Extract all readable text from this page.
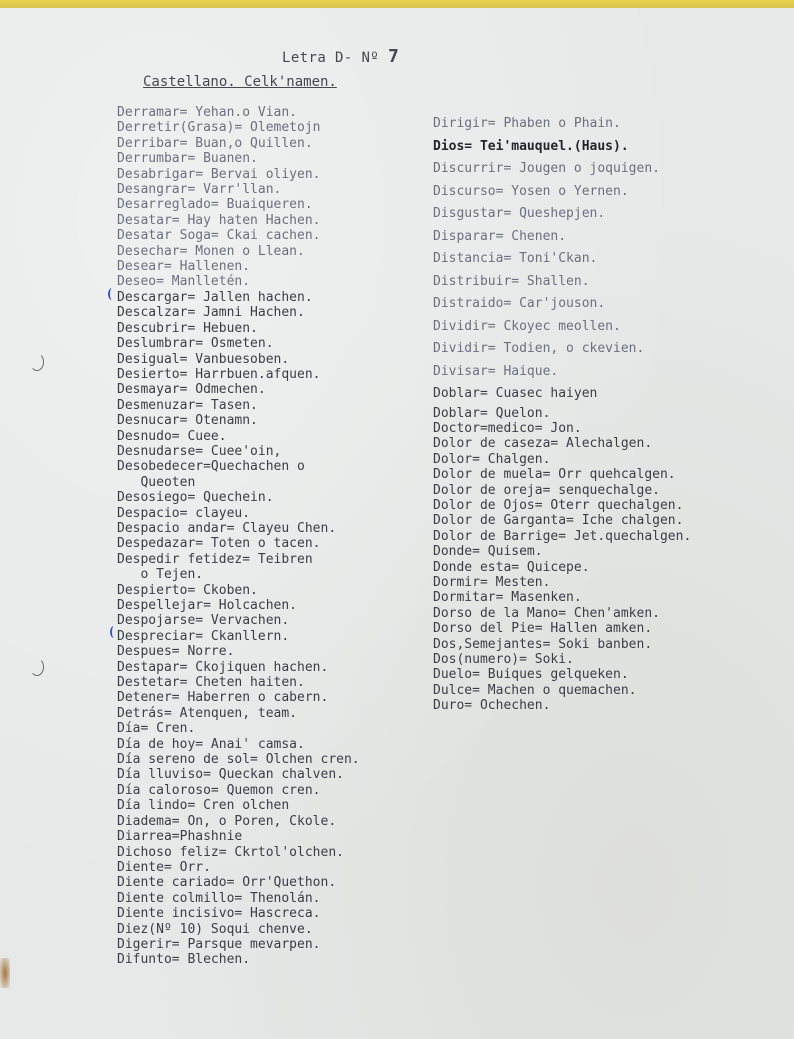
Letra D- Nº 7
Castellano. Celk'namen.
Derramar= Yehan.o Vian.
Derretir(Grasa)= Olemetojn
Derribar= Buan,o Quillen.
Derrumbar= Buanen.
Desabrigar= Bervai oliyen.
Desangrar= Varr'llan.
Desarreglado= Buaiqueren.
Desatar= Hay haten Hachen.
Desatar Soga= Ckai cachen.
Desechar= Monen o Llean.
Desear= Hallenen.
Deseo= Manlletén.
Descargar= Jallen hachen.
Descalzar= Jamni Hachen.
Descubrir= Hebuen.
Deslumbrar= Osmeten.
Desigual= Vanbuesoben.
Desierto= Harrbuen.afquen.
Desmayar= Odmechen.
Desmenuzar= Tasen.
Desnucar= Otenamn.
Desnudo= Cuee.
Desnudarse= Cuee'oin,
Desobedecer=Quechachen o
Queoten
Desosiego= Quechein.
Despacio= clayeu.
Despacio andar= Clayeu Chen.
Despedazar= Toten o tacen.
Despedir fetidez= Teibren
o Tejen.
Despierto= Ckoben.
Despellejar= Holcachen.
Despojarse= Vervachen.
Despreciar= Ckanllern.
Despues= Norre.
Destapar= Ckojiquen hachen.
Destetar= Cheten haiten.
Detener= Haberren o cabern.
Detrás= Atenquen, team.
Día= Cren.
Día de hoy= Anai' camsa.
Día sereno de sol= Olchen cren.
Día lluviso= Queckan chalven.
Día caloroso= Quemon cren.
Día lindo= Cren olchen
Diadema= On, o Poren, Ckole.
Diarrea=Phashnie
Dichoso feliz= Ckrtol'olchen.
Diente= Orr.
Diente cariado= Orr'Quethon.
Diente colmillo= Thenolán.
Diente incisivo= Hascreca.
Diez(Nº 10) Soqui chenve.
Digerir= Parsque mevarpen.
Difunto= Blechen.
Dirigir= Phaben o Phain.
Dios= Tei'mauquel.(Haus).
Discurrir= Jougen o joquigen.
Discurso= Yosen o Yernen.
Disgustar= Queshepjen.
Disparar= Chenen.
Distancia= Toni'Ckan.
Distribuir= Shallen.
Distraido= Car'jouson.
Dividir= Ckoyec meollen.
Dividir= Todien, o ckevien.
Divisar= Haique.
Doblar= Cuasec haiyen
Doblar= Quelon.
Doctor=medico= Jon.
Dolor de caseza= Alechalgen.
Dolor= Chalgen.
Dolor de muela= Orr quehcalgen.
Dolor de oreja= senquechalge.
Dolor de Ojos= Oterr quechalgen.
Dolor de Garganta= Iche chalgen.
Dolor de Barrige= Jet.quechalgen.
Donde= Quisem.
Donde esta= Quicepe.
Dormir= Mesten.
Dormitar= Masenken.
Dorso de la Mano= Chen'amken.
Dorso del Pie= Hallen amken.
Dos,Semejantes= Soki banben.
Dos(numero)= Soki.
Duelo= Buiques gelqueken.
Dulce= Machen o quemachen.
Duro= Ochechen.
